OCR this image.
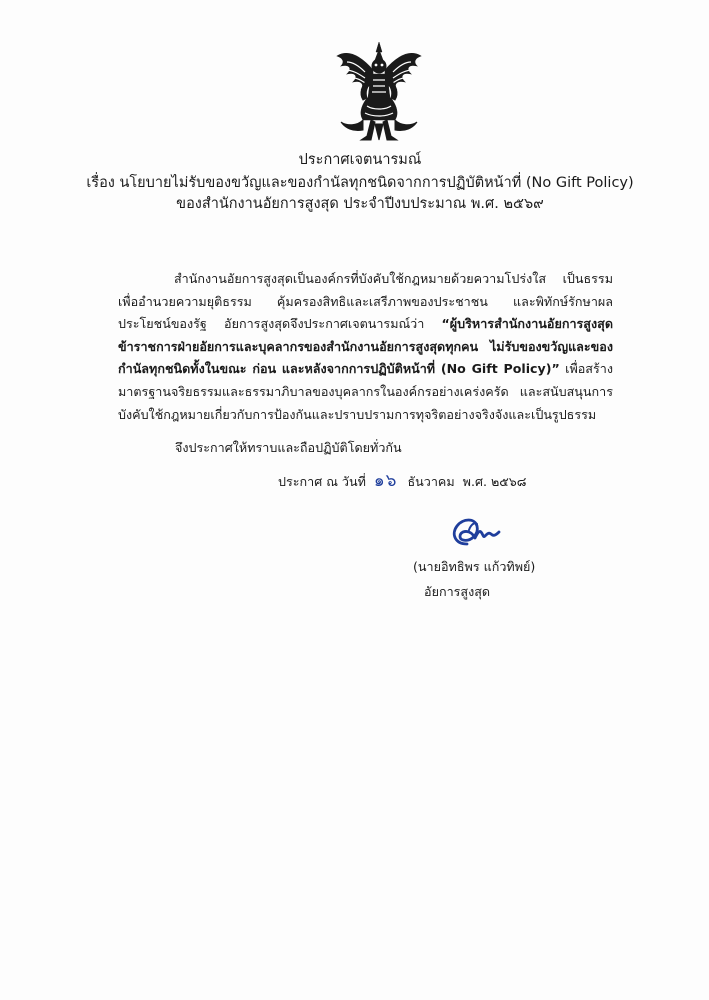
ประกาศเจตนารมณ์
เรื่อง นโยบายไม่รับของขวัญและของกำนัลทุกชนิดจากการปฏิบัติหน้าที่ (No Gift Policy)
ของสำนักงานอัยการสูงสุด ประจำปีงบประมาณ พ.ศ. ๒๕๖๙
สำนักงานอัยการสูงสุดเป็นองค์กรที่บังคับใช้กฎหมายด้วยความโปร่งใส เป็นธรรม เพื่ออำนวยความยุติธรรม คุ้มครองสิทธิและเสรีภาพของประชาชน และพิทักษ์รักษาผลประโยชน์ของรัฐ อัยการสูงสุดจึงประกาศเจตนารมณ์ว่า “ผู้บริหารสำนักงานอัยการสูงสุด ข้าราชการฝ่ายอัยการและบุคลากรของสำนักงานอัยการสูงสุดทุกคน ไม่รับของขวัญและของกำนัลทุกชนิดทั้งในขณะ ก่อน และหลังจากการปฏิบัติหน้าที่ (No Gift Policy)” เพื่อสร้างมาตรฐานจริยธรรมและธรรมาภิบาลของบุคลากรในองค์กรอย่างเคร่งครัด และสนับสนุนการบังคับใช้กฎหมายเกี่ยวกับการป้องกันและปราบปรามการทุจริตอย่างจริงจังและเป็นรูปธรรม
จึงประกาศให้ทราบและถือปฏิบัติโดยทั่วกัน
ประกาศ ณ วันที่ ๑๖ ธันวาคม พ.ศ. ๒๕๖๘
(นายอิทธิพร แก้วทิพย์)
อัยการสูงสุด
